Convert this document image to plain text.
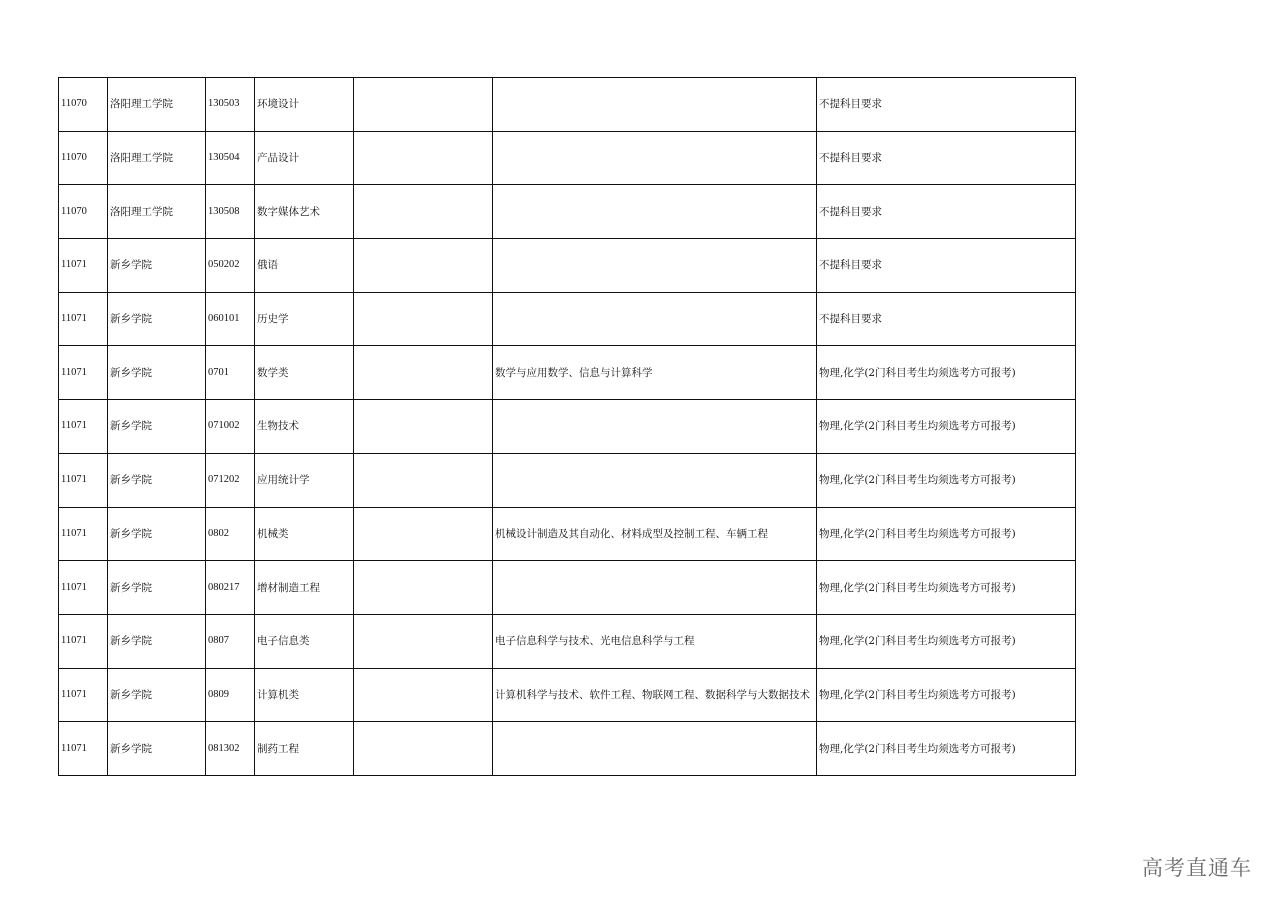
11070	洛阳理工学院	130503	环境设计			不提科目要求
11070	洛阳理工学院	130504	产品设计			不提科目要求
11070	洛阳理工学院	130508	数字媒体艺术			不提科目要求
11071	新乡学院	050202	俄语			不提科目要求
11071	新乡学院	060101	历史学			不提科目要求
11071	新乡学院	0701	数学类		数学与应用数学、信息与计算科学	物理,化学(2门科目考生均须选考方可报考)
11071	新乡学院	071002	生物技术			物理,化学(2门科目考生均须选考方可报考)
11071	新乡学院	071202	应用统计学			物理,化学(2门科目考生均须选考方可报考)
11071	新乡学院	0802	机械类		机械设计制造及其自动化、材料成型及控制工程、车辆工程	物理,化学(2门科目考生均须选考方可报考)
11071	新乡学院	080217	增材制造工程			物理,化学(2门科目考生均须选考方可报考)
11071	新乡学院	0807	电子信息类		电子信息科学与技术、光电信息科学与工程	物理,化学(2门科目考生均须选考方可报考)
11071	新乡学院	0809	计算机类		计算机科学与技术、软件工程、物联网工程、数据科学与大数据技术	物理,化学(2门科目考生均须选考方可报考)
11071	新乡学院	081302	制药工程			物理,化学(2门科目考生均须选考方可报考)
高考直通车
